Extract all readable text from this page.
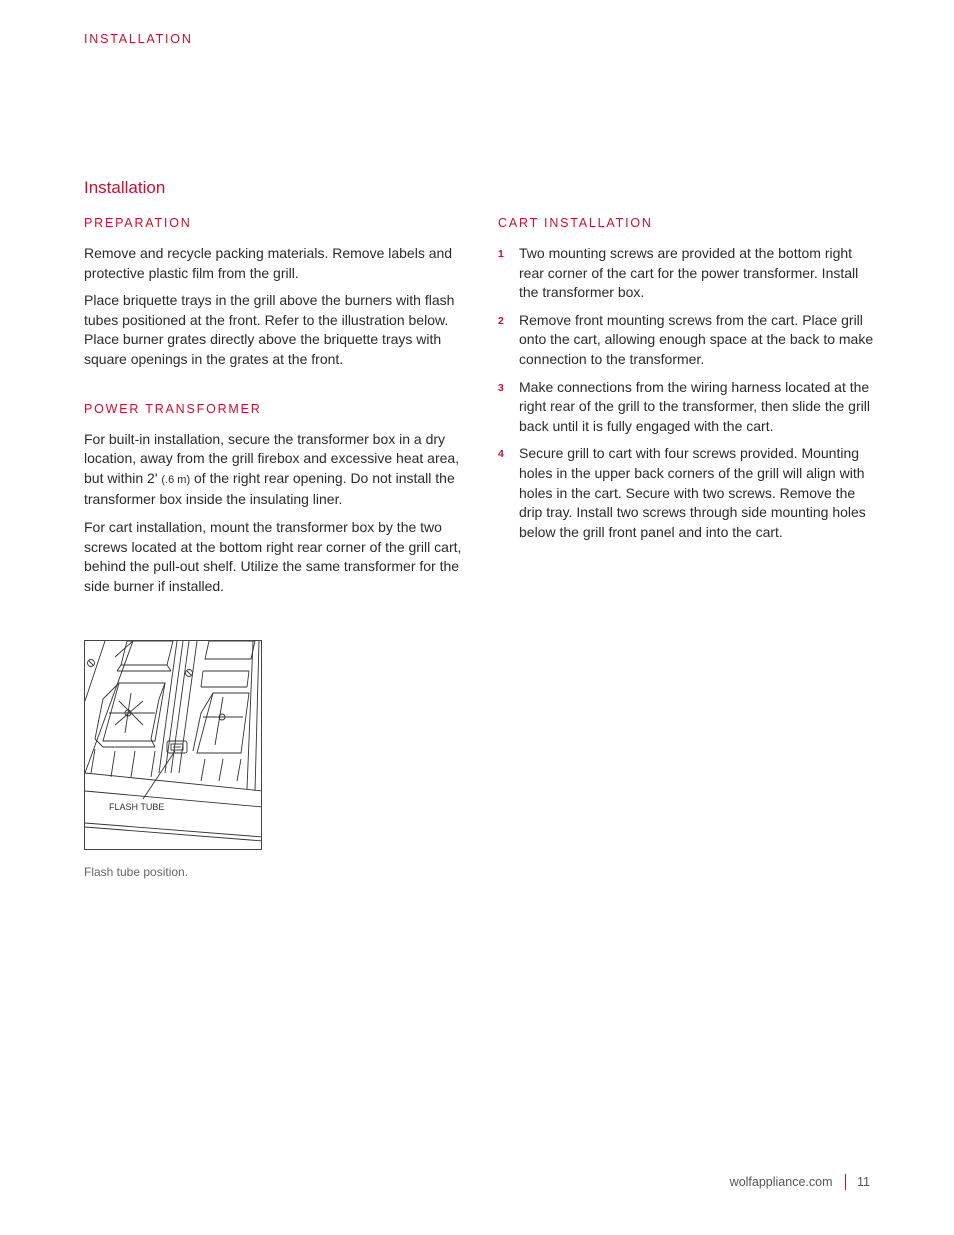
INSTALLATION
Installation
PREPARATION

Remove and recycle packing materials. Remove labels and protective plastic film from the grill.

Place briquette trays in the grill above the burners with flash tubes positioned at the front. Refer to the illustration below. Place burner grates directly above the briquette trays with square openings in the grates at the front.

POWER TRANSFORMER

For built-in installation, secure the transformer box in a dry location, away from the grill firebox and excessive heat area, but within 2' (.6 m) of the right rear opening. Do not install the transformer box inside the insulating liner.

For cart installation, mount the transformer box by the two screws located at the bottom right rear corner of the grill cart, behind the pull-out shelf. Utilize the same transformer for the side burner if installed.

CART INSTALLATION
1 Two mounting screws are provided at the bottom right rear corner of the cart for the power transformer. Install the transformer box.
2 Remove front mounting screws from the cart. Place grill onto the cart, allowing enough space at the back to make connection to the transformer.
3 Make connections from the wiring harness located at the right rear of the grill to the transformer, then slide the grill back until it is fully engaged with the cart.
4 Secure grill to cart with four screws provided. Mounting holes in the upper back corners of the grill will align with holes in the cart. Secure with two screws. Remove the drip tray. Install two screws through side mounting holes below the grill front panel and into the cart.
FLASH TUBE
Flash tube position.
wolfappliance.com 11
